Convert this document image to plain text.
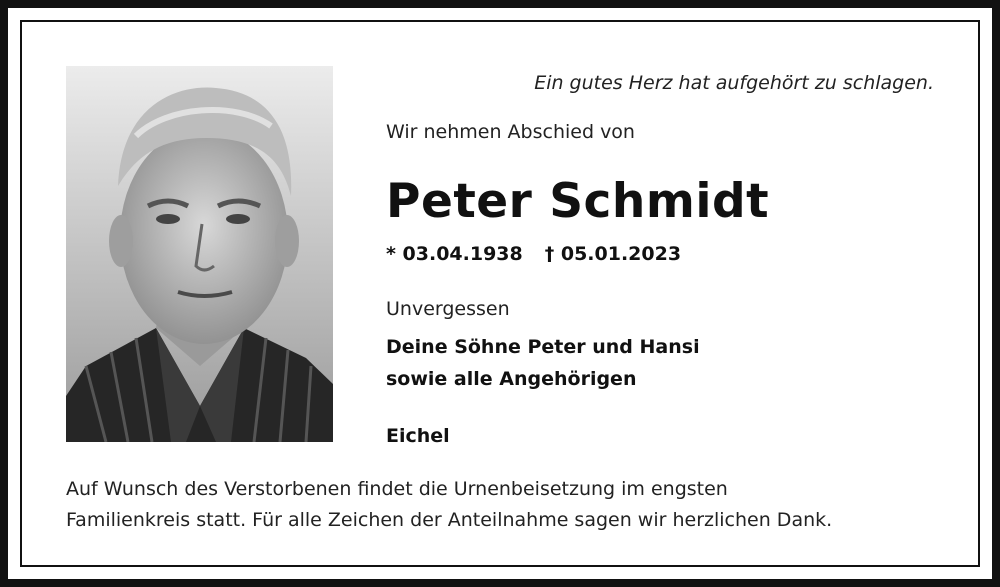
Ein gutes Herz hat aufgehört zu schlagen.
Wir nehmen Abschied von
Peter Schmidt
* 03.04.1938 † 05.01.2023
Unvergessen
Deine Söhne Peter und Hansi
sowie alle Angehörigen
Eichel
Auf Wunsch des Verstorbenen findet die Urnenbeisetzung im engsten
Familienkreis statt. Für alle Zeichen der Anteilnahme sagen wir herzlichen Dank.
